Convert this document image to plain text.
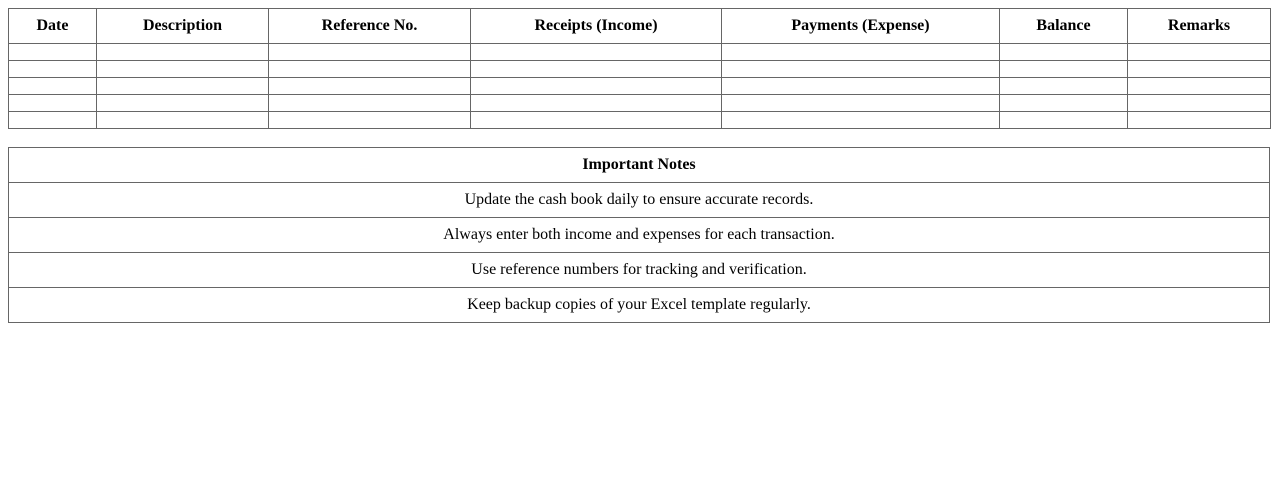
Date	Description	Reference No.	Receipts (Income)	Payments (Expense)	Balance	Remarks

Important Notes
Update the cash book daily to ensure accurate records.
Always enter both income and expenses for each transaction.
Use reference numbers for tracking and verification.
Keep backup copies of your Excel template regularly.
